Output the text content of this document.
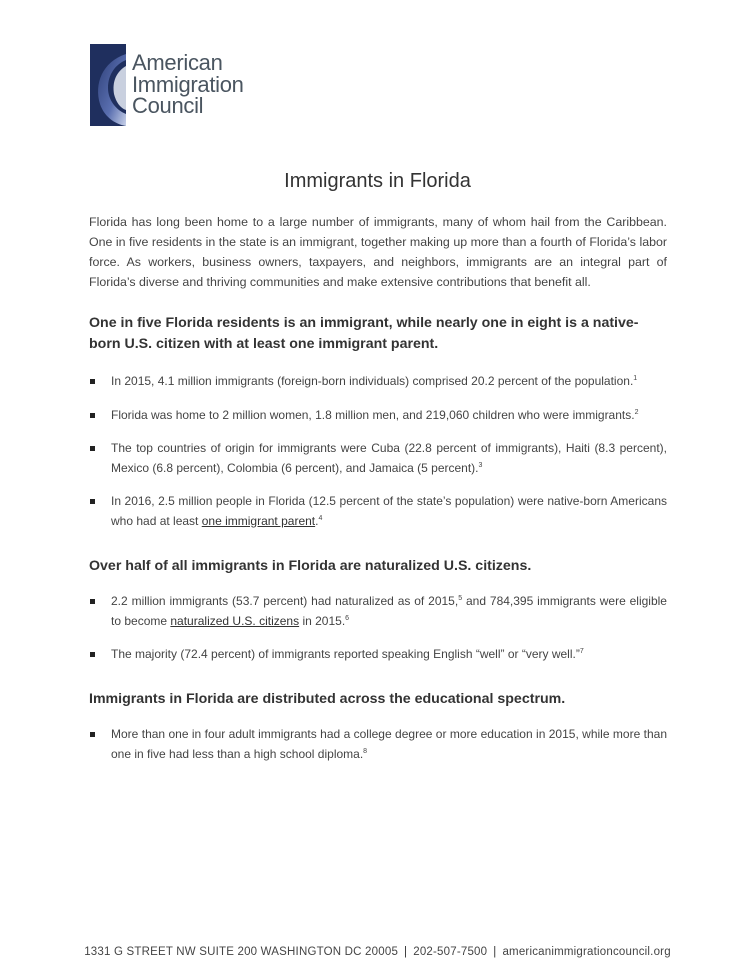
American
Immigration
Council
Immigrants in Florida

Florida has long been home to a large number of immigrants, many of whom hail from the Caribbean. One in five residents in the state is an immigrant, together making up more than a fourth of Florida’s labor force. As workers, business owners, taxpayers, and neighbors, immigrants are an integral part of Florida’s diverse and thriving communities and make extensive contributions that benefit all.

One in five Florida residents is an immigrant, while nearly one in eight is a native-born U.S. citizen with at least one immigrant parent.
In 2015, 4.1 million immigrants (foreign-born individuals) comprised 20.2 percent of the population.$^1$
Florida was home to 2 million women, 1.8 million men, and 219,060 children who were immigrants.$^2$
The top countries of origin for immigrants were Cuba (22.8 percent of immigrants), Haiti (8.3 percent), Mexico (6.8 percent), Colombia (6 percent), and Jamaica (5 percent).$^3$
In 2016, 2.5 million people in Florida (12.5 percent of the state’s population) were native-born Americans who had at least one immigrant parent.$^4$
Over half of all immigrants in Florida are naturalized U.S. citizens.
2.2 million immigrants (53.7 percent) had naturalized as of 2015,$^5$ and 784,395 immigrants were eligible to become naturalized U.S. citizens in 2015.$^6$
The majority (72.4 percent) of immigrants reported speaking English “well” or “very well.”$^7$
Immigrants in Florida are distributed across the educational spectrum.
More than one in four adult immigrants had a college degree or more education in 2015, while more than one in five had less than a high school diploma.$^8$
1331 G STREET NW SUITE 200 WASHINGTON DC 20005 | 202-507-7500 | americanimmigrationcouncil.org
